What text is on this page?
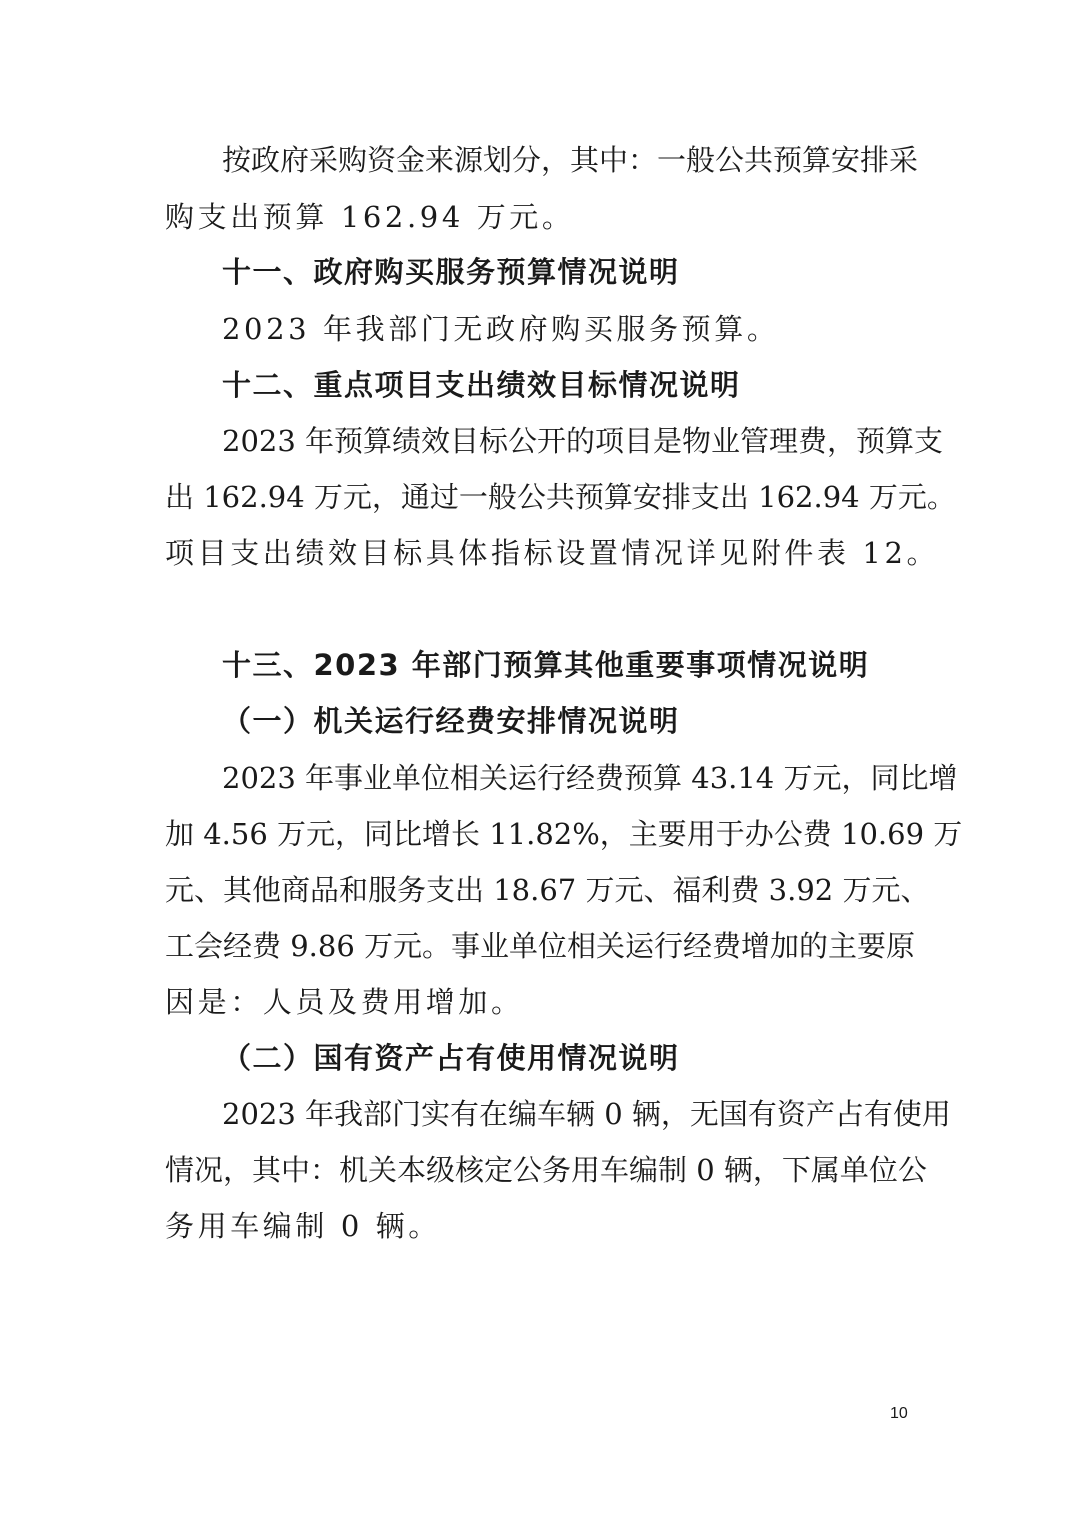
按政府采购资金来源划分，其中：一般公共预算安排采
购支出预算 162.94 万元。
十一、政府购买服务预算情况说明
2023 年我部门无政府购买服务预算。
十二、重点项目支出绩效目标情况说明
2023 年预算绩效目标公开的项目是物业管理费，预算支
出 162.94 万元，通过一般公共预算安排支出 162.94 万元。
项目支出绩效目标具体指标设置情况详见附件表 12。
十三、2023 年部门预算其他重要事项情况说明
（一）机关运行经费安排情况说明
2023 年事业单位相关运行经费预算 43.14 万元，同比增
加 4.56 万元，同比增长 11.82%，主要用于办公费 10.69 万
元、其他商品和服务支出 18.67 万元、福利费 3.92 万元、
工会经费 9.86 万元。事业单位相关运行经费增加的主要原
因是：人员及费用增加。
（二）国有资产占有使用情况说明
2023 年我部门实有在编车辆 0 辆，无国有资产占有使用
情况，其中：机关本级核定公务用车编制 0 辆，下属单位公
务用车编制 0 辆。
10
